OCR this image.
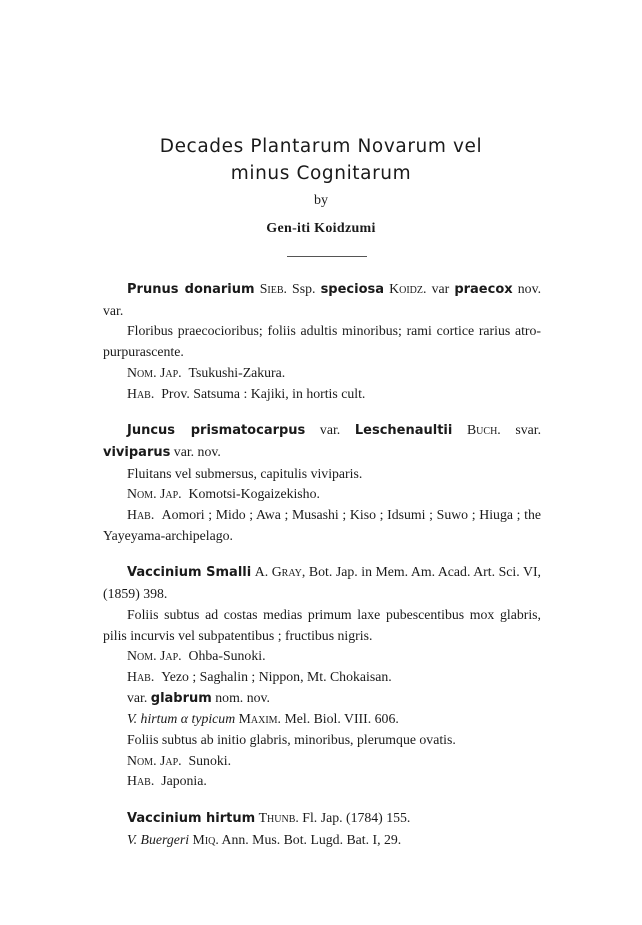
Decades Plantarum Novarum vel
minus Cognitarum
by
Gen-iti Koidzumi

Prunus donarium Sieb. Ssp. speciosa Koidz. var praecox nov. var.

Floribus praecocioribus; foliis adultis minoribus; rami cortice rarius atro-purpurascente.

Nom. Jap. Tsukushi-Zakura.

Hab. Prov. Satsuma : Kajiki, in hortis cult.

Juncus prismatocarpus var. Leschenaultii Buch. svar. viviparus var. nov.

Fluitans vel submersus, capitulis viviparis.

Nom. Jap. Komotsi-Kogaizekisho.

Hab. Aomori ; Mido ; Awa ; Musashi ; Kiso ; Idsumi ; Suwo ; Hiuga ; the Yayeyama-archipelago.

Vaccinium Smalli A. Gray, Bot. Jap. in Mem. Am. Acad. Art. Sci. VI, (1859) 398.

Foliis subtus ad costas medias primum laxe pubescentibus mox glabris, pilis incurvis vel subpatentibus ; fructibus nigris.

Nom. Jap. Ohba-Sunoki.

Hab. Yezo ; Saghalin ; Nippon, Mt. Chokaisan.

var. glabrum nom. nov.

V. hirtum α typicum Maxim. Mel. Biol. VIII. 606.

Foliis subtus ab initio glabris, minoribus, plerumque ovatis.

Nom. Jap. Sunoki.

Hab. Japonia.

Vaccinium hirtum Thunb. Fl. Jap. (1784) 155.

V. Buergeri Miq. Ann. Mus. Bot. Lugd. Bat. I, 29.
